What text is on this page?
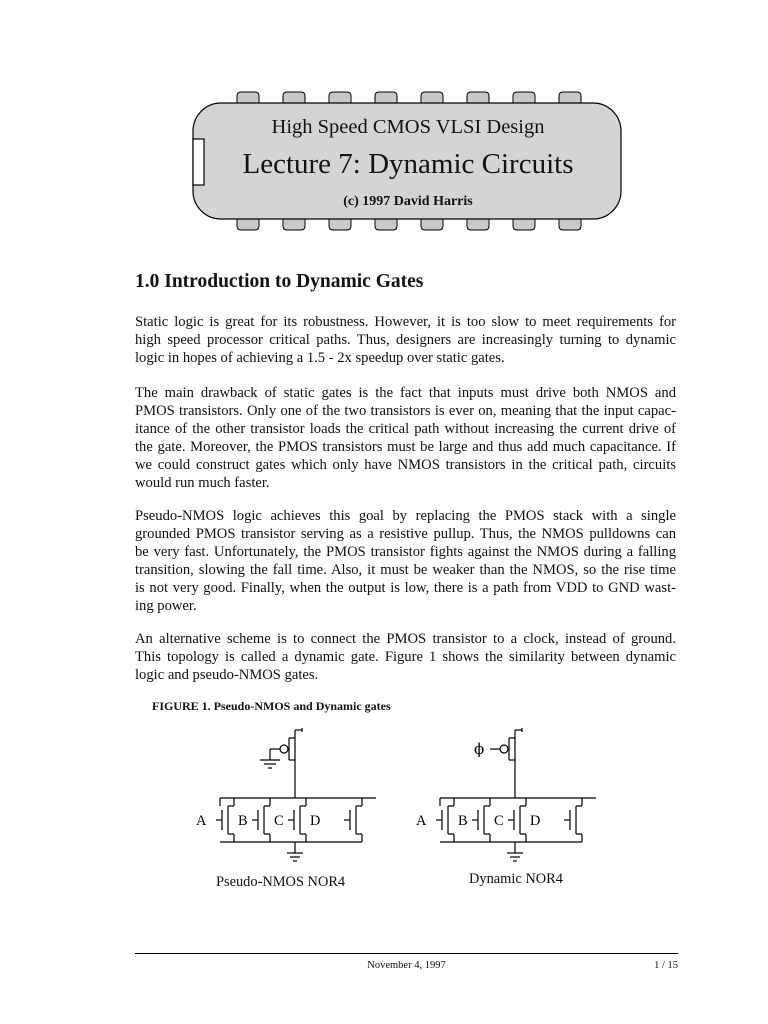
High Speed CMOS VLSI Design
Lecture 7: Dynamic Circuits
(c) 1997 David Harris
1.0 Introduction to Dynamic Gates
Static logic is great for its robustness. However, it is too slow to meet requirements for
high speed processor critical paths. Thus, designers are increasingly turning to dynamic
logic in hopes of achieving a 1.5 - 2x speedup over static gates.
The main drawback of static gates is the fact that inputs must drive both NMOS and
PMOS transistors. Only one of the two transistors is ever on, meaning that the input capac-
itance of the other transistor loads the critical path without increasing the current drive of
the gate. Moreover, the PMOS transistors must be large and thus add much capacitance. If
we could construct gates which only have NMOS transistors in the critical path, circuits
would run much faster.
Pseudo-NMOS logic achieves this goal by replacing the PMOS stack with a single
grounded PMOS transistor serving as a resistive pullup. Thus, the NMOS pulldowns can
be very fast. Unfortunately, the PMOS transistor fights against the NMOS during a falling
transition, slowing the fall time. Also, it must be weaker than the NMOS, so the rise time
is not very good. Finally, when the output is low, there is a path from VDD to GND wast-
ing power.
An alternative scheme is to connect the PMOS transistor to a clock, instead of ground.
This topology is called a dynamic gate. Figure 1 shows the similarity between dynamic
logic and pseudo-NMOS gates.
FIGURE 1. Pseudo-NMOS and Dynamic gates
A B C D
ϕ
A B C D
Pseudo-NMOS NOR4	Dynamic NOR4
November 4, 1997	1 / 15
